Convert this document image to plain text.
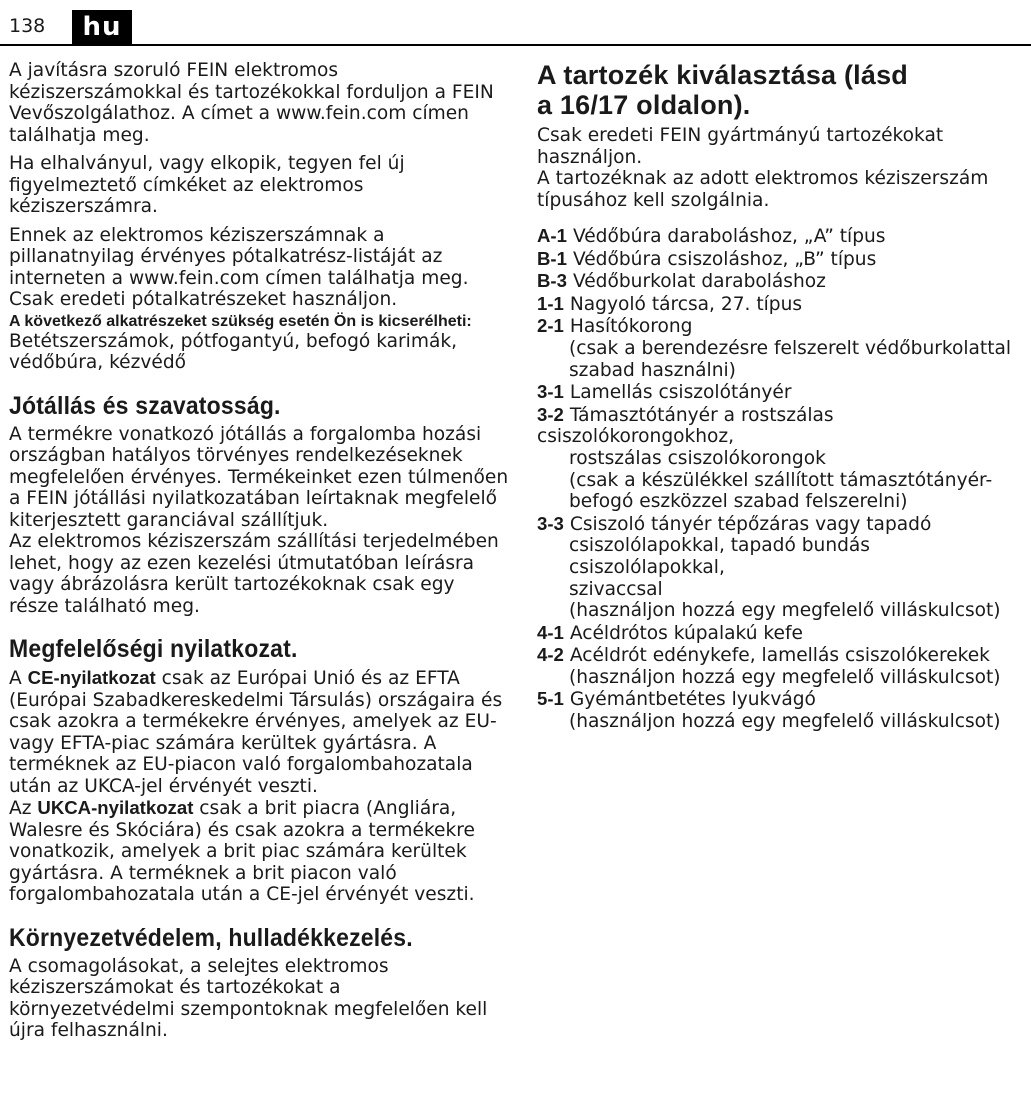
138	hu

A javításra szoruló FEIN elektromos kéziszerszámokkal és tartozékokkal forduljon a FEIN Vevőszolgálathoz. A címet a www.fein.com címen találhatja meg.

Ha elhalványul, vagy elkopik, tegyen fel új figyelmeztető címkéket az elektromos kéziszerszámra.

Ennek az elektromos kéziszerszámnak a pillanatnyilag érvényes pótalkatrész-listáját az interneten a www.fein.com címen találhatja meg.

Csak eredeti pótalkatrészeket használjon.

A következő alkatrészeket szükség esetén Ön is kicserélheti:

Betétszerszámok, pótfogantyú, befogó karimák, védőbúra, kézvédő

Jótállás és szavatosság.

A termékre vonatkozó jótállás a forgalomba hozási országban hatályos törvényes rendelkezéseknek megfelelően érvényes. Termékeinket ezen túlmenően a FEIN jótállási nyilatkozatában leírtaknak megfelelő kiterjesztett garanciával szállítjuk.

Az elektromos kéziszerszám szállítási terjedelmében lehet, hogy az ezen kezelési útmutatóban leírásra vagy ábrázolásra került tartozékoknak csak egy része található meg.

Megfelelőségi nyilatkozat.

A CE-nyilatkozat csak az Európai Unió és az EFTA (Európai Szabadkereskedelmi Társulás) országaira és csak azokra a termékekre érvényes, amelyek az EU- vagy EFTA-piac számára kerültek gyártásra. A terméknek az EU-piacon való forgalombahozatala után az UKCA-jel érvényét veszti.

Az UKCA-nyilatkozat csak a brit piacra (Angliára, Walesre és Skóciára) és csak azokra a termékekre vonatkozik, amelyek a brit piac számára kerültek gyártásra. A terméknek a brit piacon való forgalombahozatala után a CE-jel érvényét veszti.

Környezetvédelem, hulladékkezelés.

A csomagolásokat, a selejtes elektromos kéziszerszámokat és tartozékokat a környezetvédelmi szempontoknak megfelelően kell újra felhasználni.

A tartozék kiválasztása (lásd
a 16/17 oldalon).

Csak eredeti FEIN gyártmányú tartozékokat használjon.

A tartozéknak az adott elektromos kéziszerszám típusához kell szolgálnia.

A-1 Védőbúra daraboláshoz, „A” típus
B-1 Védőbúra csiszoláshoz, „B” típus
B-3 Védőburkolat daraboláshoz
1-1 Nagyoló tárcsa, 27. típus
2-1 Hasítókorong
(csak a berendezésre felszerelt védőburkolattal
szabad használni)
3-1 Lamellás csiszolótányér
3-2 Támasztótányér a rostszálas csiszolókorongokhoz,
rostszálas csiszolókorongok
(csak a készülékkel szállított támasztótányér-
befogó eszközzel szabad felszerelni)
3-3 Csiszoló tányér tépőzáras vagy tapadó
csiszolólapokkal, tapadó bundás csiszolólapokkal,
szivaccsal
(használjon hozzá egy megfelelő villáskulcsot)
4-1 Acéldrótos kúpalakú kefe
4-2 Acéldrót edénykefe, lamellás csiszolókerekek
(használjon hozzá egy megfelelő villáskulcsot)
5-1 Gyémántbetétes lyukvágó
(használjon hozzá egy megfelelő villáskulcsot)
